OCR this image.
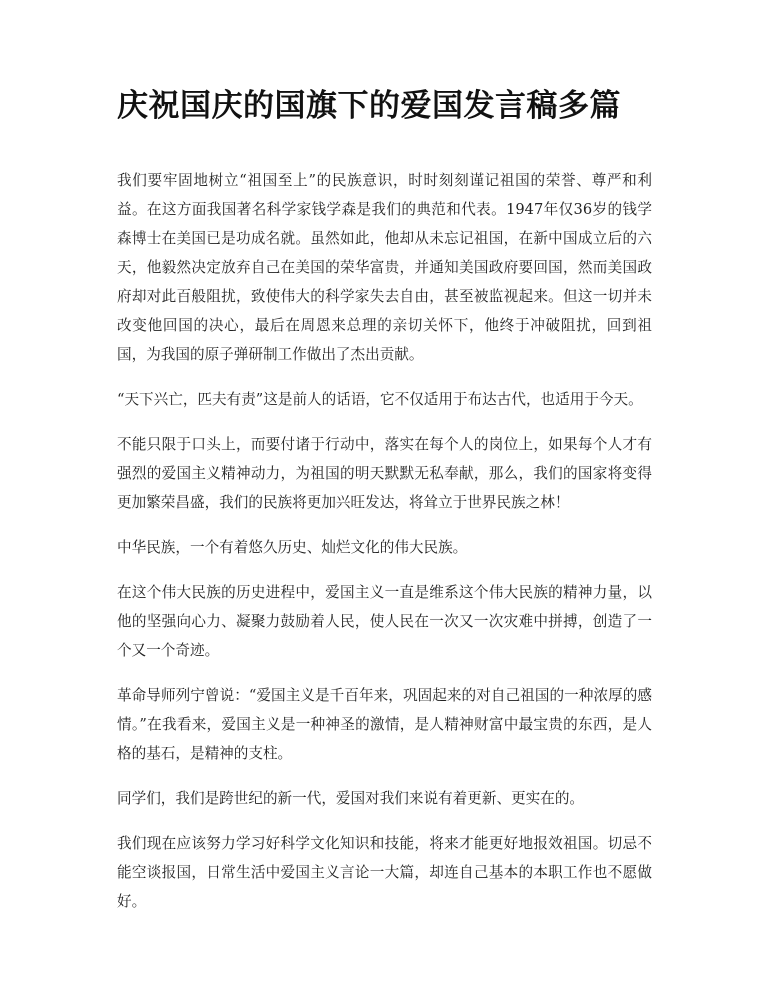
庆祝国庆的国旗下的爱国发言稿多篇

我们要牢固地树立“祖国至上”的民族意识，时时刻刻谨记祖国的荣誉、尊严和利益。在这方面我国著名科学家钱学森是我们的典范和代表。1947年仅36岁的钱学森博士在美国已是功成名就。虽然如此，他却从未忘记祖国，在新中国成立后的六天，他毅然决定放弃自己在美国的荣华富贵，并通知美国政府要回国，然而美国政府却对此百般阻扰，致使伟大的科学家失去自由，甚至被监视起来。但这一切并未改变他回国的决心，最后在周恩来总理的亲切关怀下，他终于冲破阻扰，回到祖国，为我国的原子弹研制工作做出了杰出贡献。

“天下兴亡，匹夫有责”这是前人的话语，它不仅适用于布达古代，也适用于今天。

不能只限于口头上，而要付诸于行动中，落实在每个人的岗位上，如果每个人才有强烈的爱国主义精神动力，为祖国的明天默默无私奉献，那么，我们的国家将变得更加繁荣昌盛，我们的民族将更加兴旺发达，将耸立于世界民族之林！

中华民族，一个有着悠久历史、灿烂文化的伟大民族。

在这个伟大民族的历史进程中，爱国主义一直是维系这个伟大民族的精神力量，以他的坚强向心力、凝聚力鼓励着人民，使人民在一次又一次灾难中拼搏，创造了一个又一个奇迹。

革命导师列宁曾说：“爱国主义是千百年来，巩固起来的对自己祖国的一种浓厚的感情。”在我看来，爱国主义是一种神圣的激情，是人精神财富中最宝贵的东西，是人格的基石，是精神的支柱。

同学们，我们是跨世纪的新一代，爱国对我们来说有着更新、更实在的。

我们现在应该努力学习好科学文化知识和技能，将来才能更好地报效祖国。切忌不能空谈报国，日常生活中爱国主义言论一大篇，却连自己基本的本职工作也不愿做好。
